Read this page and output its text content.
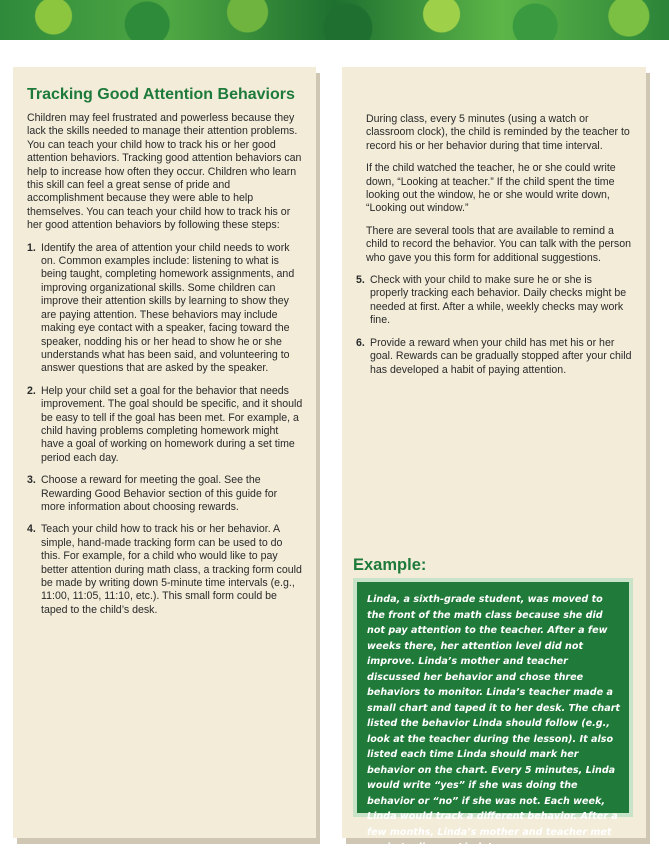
Tracking Good Attention Behaviors

Children may feel frustrated and powerless because they lack the skills needed to manage their attention problems. You can teach your child how to track his or her good attention behaviors. Tracking good attention behaviors can help to increase how often they occur. Children who learn this skill can feel a great sense of pride and accomplishment because they were able to help themselves. You can teach your child how to track his or her good attention behaviors by following these steps:

1. Identify the area of attention your child needs to work on. Common examples include: listening to what is being taught, completing homework assignments, and improving organizational skills. Some children can improve their attention skills by learning to show they are paying attention. These behaviors may include making eye contact with a speaker, facing toward the speaker, nodding his or her head to show he or she understands what has been said, and volunteering to answer questions that are asked by the speaker.
2. Help your child set a goal for the behavior that needs improvement. The goal should be specific, and it should be easy to tell if the goal has been met. For example, a child having problems completing homework might have a goal of working on homework during a set time period each day.
3. Choose a reward for meeting the goal. See the Rewarding Good Behavior section of this guide for more information about choosing rewards.
4. Teach your child how to track his or her behavior. A simple, hand-made tracking form can be used to do this. For example, for a child who would like to pay better attention during math class, a tracking form could be made by writing down 5-minute time intervals (e.g., 11:00, 11:05, 11:10, etc.). This small form could be taped to the child’s desk.

During class, every 5 minutes (using a watch or classroom clock), the child is reminded by the teacher to record his or her behavior during that time interval.

If the child watched the teacher, he or she could write down, “Looking at teacher.” If the child spent the time looking out the window, he or she would write down, “Looking out window.”

There are several tools that are available to remind a child to record the behavior. You can talk with the person who gave you this form for additional suggestions.

5. Check with your child to make sure he or she is properly tracking each behavior. Daily checks might be needed at first. After a while, weekly checks may work fine.
6. Provide a reward when your child has met his or her goal. Rewards can be gradually stopped after your child has developed a habit of paying attention.
Example:
Linda, a sixth-grade student, was moved to the front of the math class because she did not pay attention to the teacher. After a few weeks there, her attention level did not improve. Linda’s mother and teacher discussed her behavior and chose three behaviors to monitor. Linda’s teacher made a small chart and taped it to her desk. The chart listed the behavior Linda should follow (e.g., look at the teacher during the lesson). It also listed each time Linda should mark her behavior on the chart. Every 5 minutes, Linda would write “yes” if she was doing the behavior or “no” if she was not. Each week, Linda would track a different behavior. After a few months, Linda’s mother and teacher met again to discuss Linda’s progress.
